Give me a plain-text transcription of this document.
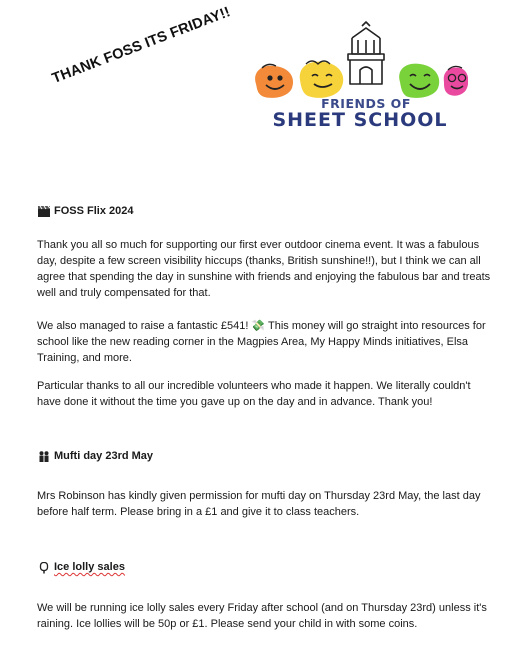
THANK FOSS ITS FRIDAY!!
FRIENDS OF
SHEET SCHOOL
FOSS Flix 2024

Thank you all so much for supporting our first ever outdoor cinema event. It was a fabulous day, despite a few screen visibility hiccups (thanks, British sunshine!!), but I think we can all agree that spending the day in sunshine with friends and enjoying the fabulous bar and treats well and truly compensated for that.

We also managed to raise a fantastic £541! 💸 This money will go straight into resources for school like the new reading corner in the Magpies Area, My Happy Minds initiatives, Elsa Training, and more.

Particular thanks to all our incredible volunteers who made it happen. We literally couldn't have done it without the time you gave up on the day and in advance. Thank you!

Mufti day 23rd May

Mrs Robinson has kindly given permission for mufti day on Thursday 23rd May, the last day before half term. Please bring in a £1 and give it to class teachers.

Ice lolly sales

We will be running ice lolly sales every Friday after school (and on Thursday 23rd) unless it's raining. Ice lollies will be 50p or £1. Please send your child in with some coins.
